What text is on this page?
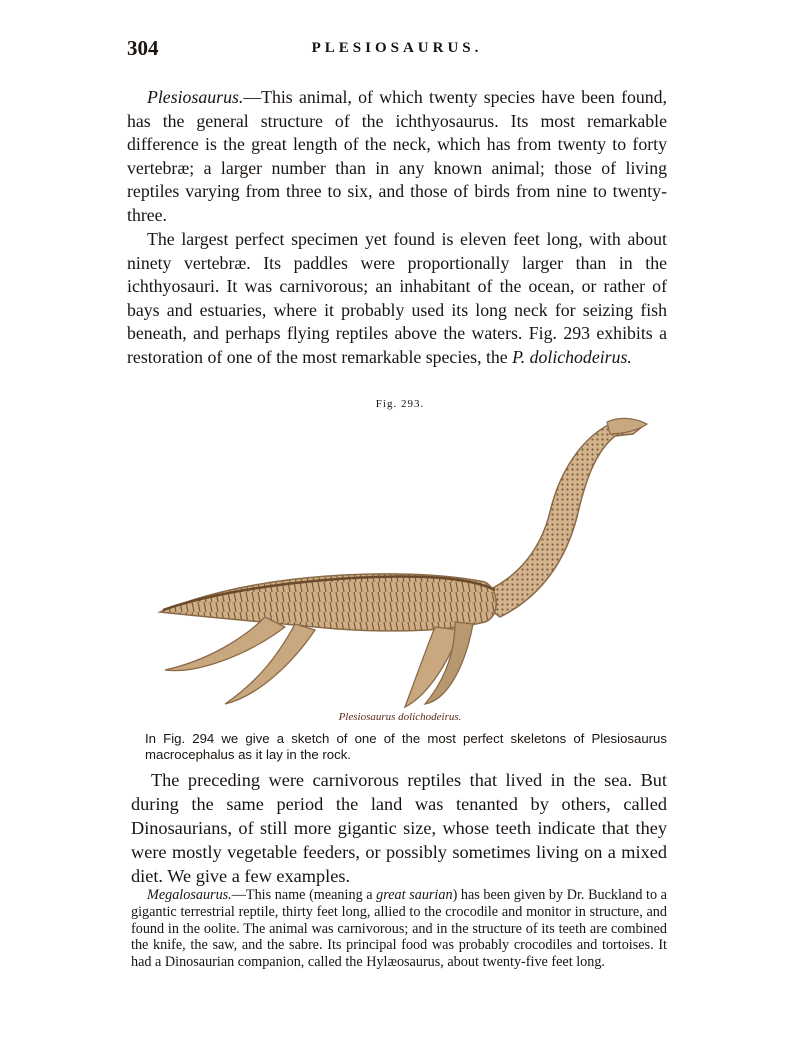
304	PLESIOSAURUS.

Plesiosaurus.—This animal, of which twenty species have been found, has the general structure of the ichthyosaurus. Its most remarkable difference is the great length of the neck, which has from twenty to forty vertebræ; a larger number than in any known animal; those of living reptiles varying from three to six, and those of birds from nine to twenty-three.

The largest perfect specimen yet found is eleven feet long, with about ninety vertebræ. Its paddles were proportionally larger than in the ichthyosauri. It was carnivorous; an inhabitant of the ocean, or rather of bays and estuaries, where it probably used its long neck for seizing fish beneath, and perhaps flying reptiles above the waters. Fig. 293 exhibits a restoration of one of the most remarkable species, the P. dolichodeirus.

Fig. 293.
Plesiosaurus dolichodeirus.

In Fig. 294 we give a sketch of one of the most perfect skeletons of Plesiosaurus macrocephalus as it lay in the rock.

The preceding were carnivorous reptiles that lived in the sea. But during the same period the land was tenanted by others, called Dinosaurians, of still more gigantic size, whose teeth indicate that they were mostly vegetable feeders, or possibly sometimes living on a mixed diet. We give a few examples.

Megalosaurus.—This name (meaning a great saurian) has been given by Dr. Buckland to a gigantic terrestrial reptile, thirty feet long, allied to the crocodile and monitor in structure, and found in the oolite. The animal was carnivorous; and in the structure of its teeth are combined the knife, the saw, and the sabre. Its principal food was probably crocodiles and tortoises. It had a Dinosaurian companion, called the Hylæosaurus, about twenty-five feet long.
